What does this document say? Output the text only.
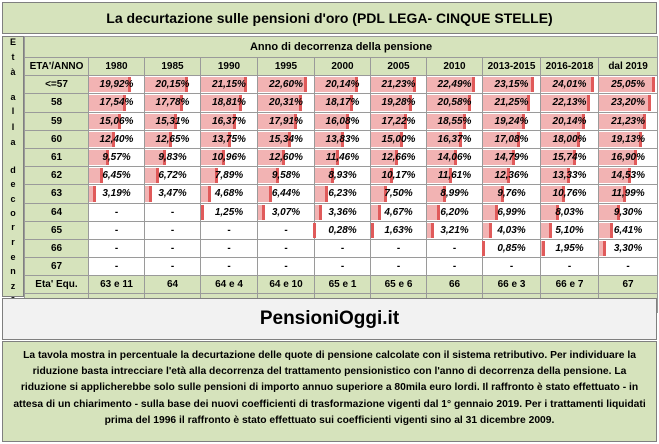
La decurtazione sulle pensioni d'oro (PDL LEGA- CINQUE STELLE)
E
t
à
a
l
l
a
d
e
c
o
r
r
e
n
z
Anno di decorrenza della pensione										
ETA'/ANNO	1980	1985	1990	1995	2000	2005	2010	2013-2015	2016-2018	dal 2019
<=57	19,92%	20,15%	21,15%	22,60%	20,14%	21,23%	22,49%	23,15%	24,01%	25,05%
58	17,54%	17,78%	18,81%	20,31%	18,17%	19,28%	20,58%	21,25%	22,13%	23,20%
59	15,06%	15,31%	16,37%	17,91%	16,08%	17,22%	18,55%	19,24%	20,14%	21,23%
60	12,40%	12,65%	13,75%	15,34%	13,83%	15,00%	16,37%	17,08%	18,00%	19,13%
61	9,57%	9,83%	10,96%	12,60%	11,46%	12,66%	14,06%	14,79%	15,74%	16,90%
62	6,45%	6,72%	7,89%	9,58%	8,93%	10,17%	11,61%	12,36%	13,33%	14,53%
63	3,19%	3,47%	4,68%	6,44%	6,23%	7,50%	8,99%	9,76%	10,76%	11,99%
64	-	-	1,25%	3,07%	3,36%	4,67%	6,20%	6,99%	8,03%	9,30%
65	-	-	-	-	0,28%	1,63%	3,21%	4,03%	5,10%	6,41%
66	-	-	-	-	-	-	-	0,85%	1,95%	3,30%
67	-	-	-	-	-	-	-	-	-	-
Eta' Equ.	63 e 11	64	64 e 4	64 e 10	65 e 1	65 e 6	66	66 e 3	66 e 7	67

PensioniOggi.it
La tavola mostra in percentuale la decurtazione delle quote di pensione calcolate con il sistema retributivo. Per individuare la riduzione basta intrecciare l'età alla decorrenza del trattamento pensionistico con l'anno di decorrenza della pensione. La riduzione si applicherebbe solo sulle pensioni di importo annuo superiore a 80mila euro lordi. Il raffronto è stato effettuato - in attesa di un chiarimento - sulla base dei nuovi coefficienti di trasformazione vigenti dal 1° gennaio 2019. Per i trattamenti liquidati prima del 1996 il raffronto è stato effettuato sui coefficienti vigenti sino al 31 dicembre 2009.
